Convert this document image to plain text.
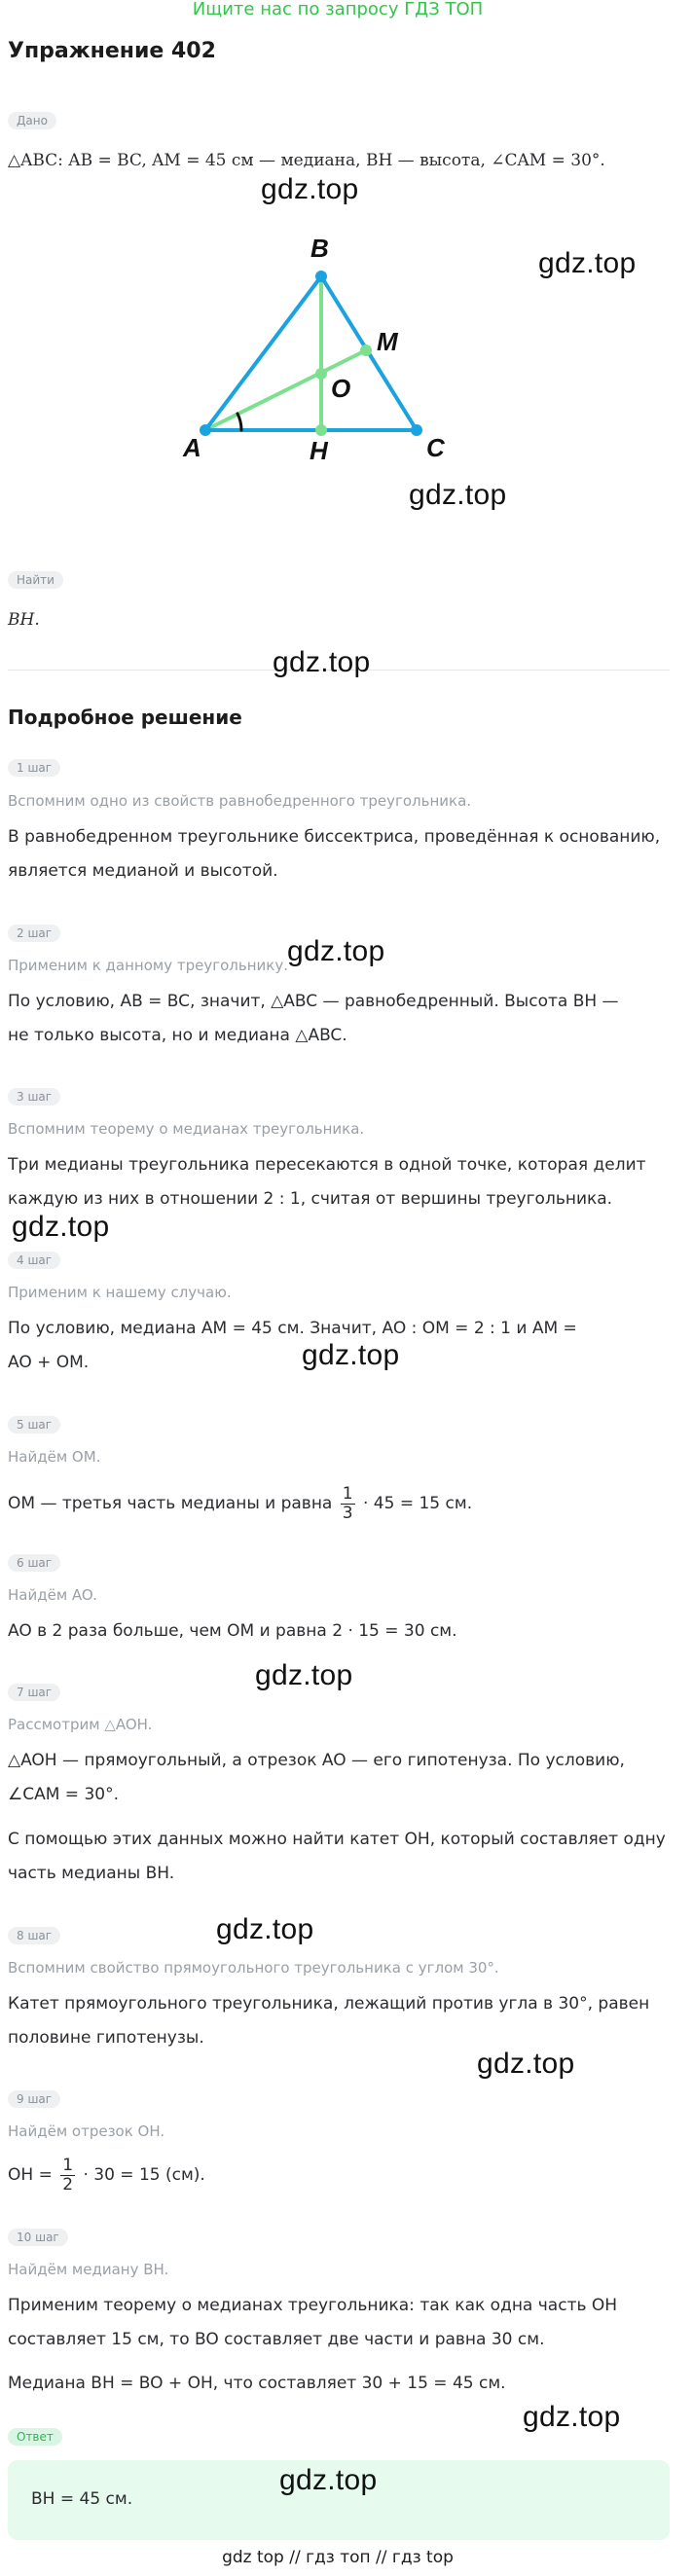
Ищите нас по запросу ГДЗ ТОП
Упражнение 402
Дано
△ABC: AB = BC, AM = 45 см — медиана, BH — высота, ∠CAM = 30°.
B
M
O
A	H	C
Найти
BH.
Подробное решение
1 шаг
Вспомним одно из свойств равнобедренного треугольника.
В равнобедренном треугольнике биссектриса, проведённая к основанию,
является медианой и высотой.
2 шаг
Применим к данному треугольнику.
По условию, AB = BC, значит, △ABC — равнобедренный. Высота BH —
не только высота, но и медиана △ABC.
3 шаг
Вспомним теорему о медианах треугольника.
Три медианы треугольника пересекаются в одной точке, которая делит
каждую из них в отношении 2 : 1, считая от вершины треугольника.
4 шаг
Применим к нашему случаю.
По условию, медиана AM = 45 см. Значит, AO : OM = 2 : 1 и AM =
AO + OM.
5 шаг
Найдём OM.
OM — третья часть медианы и равна $\frac{1}{3} \cdot 45 = 15$ см.
6 шаг
Найдём AO.
AO в 2 раза больше, чем OM и равна 2 · 15 = 30 см.
7 шаг
Рассмотрим △AOH.
△AOH — прямоугольный, а отрезок AO — его гипотенуза. По условию,
∠CAM = 30°.
С помощью этих данных можно найти катет OH, который составляет одну
часть медианы BH.
8 шаг
Вспомним свойство прямоугольного треугольника с углом 30°.
Катет прямоугольного треугольника, лежащий против угла в 30°, равен
половине гипотенузы.
9 шаг
Найдём отрезок OH.
OH = $\frac{1}{2} \cdot 30 = 15$ (см).
10 шаг
Найдём медиану BH.
Применим теорему о медианах треугольника: так как одна часть OH
составляет 15 см, то BO составляет две части и равна 30 см.
Медиана BH = BO + OH, что составляет 30 + 15 = 45 см.
Ответ
BH = 45 см.
gdz.top
gdz.top
gdz.top
gdz.top
gdz.top
gdz.top
gdz.top
gdz.top
gdz.top
gdz.top
gdz.top
gdz.top
gdz top // гдз топ // гдз top
